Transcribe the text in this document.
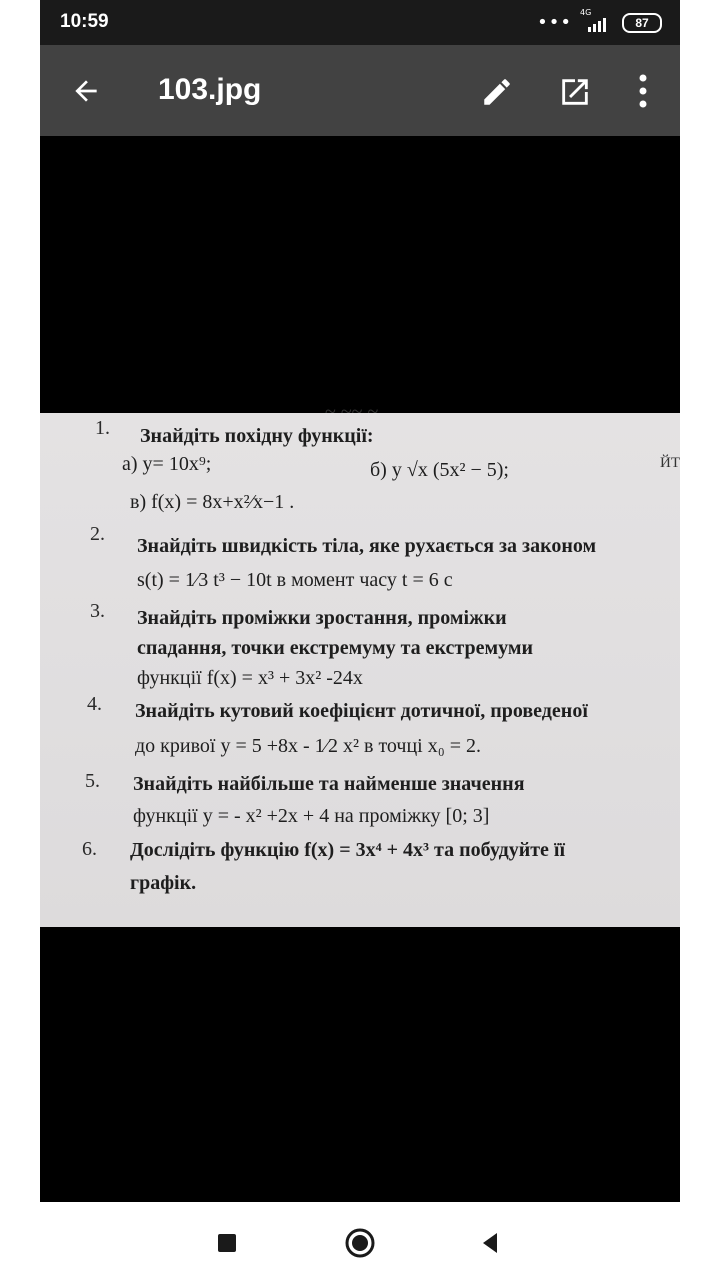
10:59	••• 4G
87
103.jpg
~ ~~ ~
ЙТ
1. Знайдіть похідну функції:
а) y= 10x⁹;	б) у √x (5x² − 5);
в) f(x) = 8x+x²⁄x−1 .
2.
Знайдіть швидкість тіла, яке рухається за законом
s(t) = 1⁄3 t³ − 10t в момент часу t = 6 с
3. Знайдіть проміжки зростання, проміжки
спадання, точки екстремуму та екстремуми
функції f(x) = x³ + 3x² -24x
4. Знайдіть кутовий коефіцієнт дотичної, проведеної
до кривої y = 5 +8x - 1⁄2 x² в точці x₀ = 2.
5. Знайдіть найбільше та найменше значення
функції y = - x² +2x + 4 на проміжку [0; 3]
6. Дослідіть функцію f(x) = 3x⁴ + 4x³ та побудуйте її
графік.
